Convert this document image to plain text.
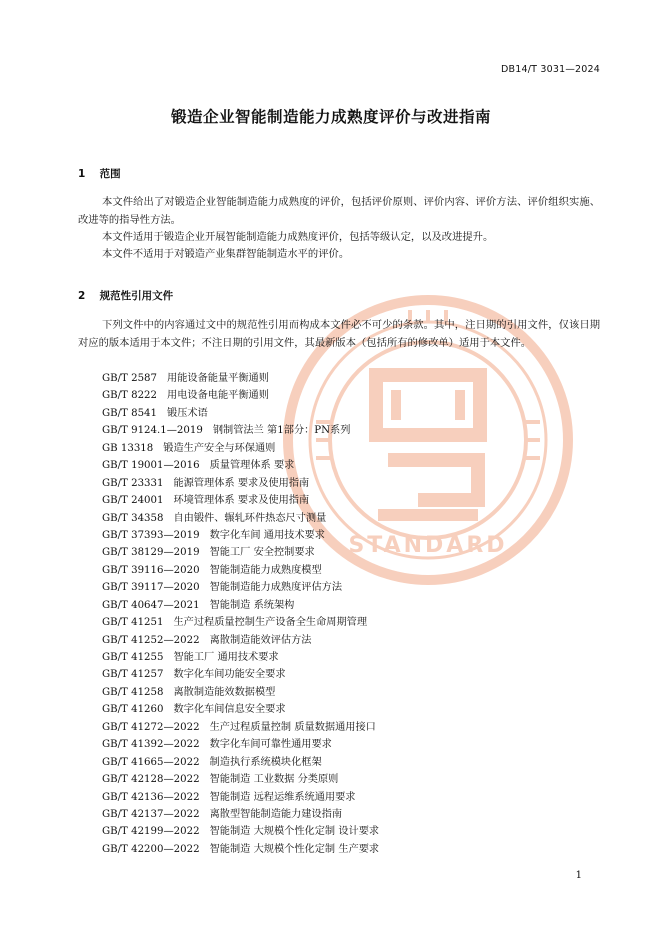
STANDARD
DB14/T 3031—2024
锻造企业智能制造能力成熟度评价与改进指南
1 范围
本文件给出了对锻造企业智能制造能力成熟度的评价，包括评价原则、评价内容、评价方法、评价组织实施、改进等的指导性方法。
本文件适用于锻造企业开展智能制造能力成熟度评价，包括等级认定，以及改进提升。
本文件不适用于对锻造产业集群智能制造水平的评价。
2 规范性引用文件
下列文件中的内容通过文中的规范性引用而构成本文件必不可少的条款。其中，注日期的引用文件，仅该日期对应的版本适用于本文件；不注日期的引用文件，其最新版本（包括所有的修改单）适用于本文件。
GB/T 2587 用能设备能量平衡通则
GB/T 8222 用电设备电能平衡通则
GB/T 8541 锻压术语
GB/T 9124.1—2019 钢制管法兰 第1部分：PN系列
GB 13318 锻造生产安全与环保通则
GB/T 19001—2016 质量管理体系 要求
GB/T 23331 能源管理体系 要求及使用指南
GB/T 24001 环境管理体系 要求及使用指南
GB/T 34358 自由锻件、辗轧环件热态尺寸测量
GB/T 37393—2019 数字化车间 通用技术要求
GB/T 38129—2019 智能工厂 安全控制要求
GB/T 39116—2020 智能制造能力成熟度模型
GB/T 39117—2020 智能制造能力成熟度评估方法
GB/T 40647—2021 智能制造 系统架构
GB/T 41251 生产过程质量控制生产设备全生命周期管理
GB/T 41252—2022 离散制造能效评估方法
GB/T 41255 智能工厂 通用技术要求
GB/T 41257 数字化车间功能安全要求
GB/T 41258 离散制造能效数据模型
GB/T 41260 数字化车间信息安全要求
GB/T 41272—2022 生产过程质量控制 质量数据通用接口
GB/T 41392—2022 数字化车间可靠性通用要求
GB/T 41665—2022 制造执行系统模块化框架
GB/T 42128—2022 智能制造 工业数据 分类原则
GB/T 42136—2022 智能制造 远程运维系统通用要求
GB/T 42137—2022 离散型智能制造能力建设指南
GB/T 42199—2022 智能制造 大规模个性化定制 设计要求
GB/T 42200—2022 智能制造 大规模个性化定制 生产要求
1
